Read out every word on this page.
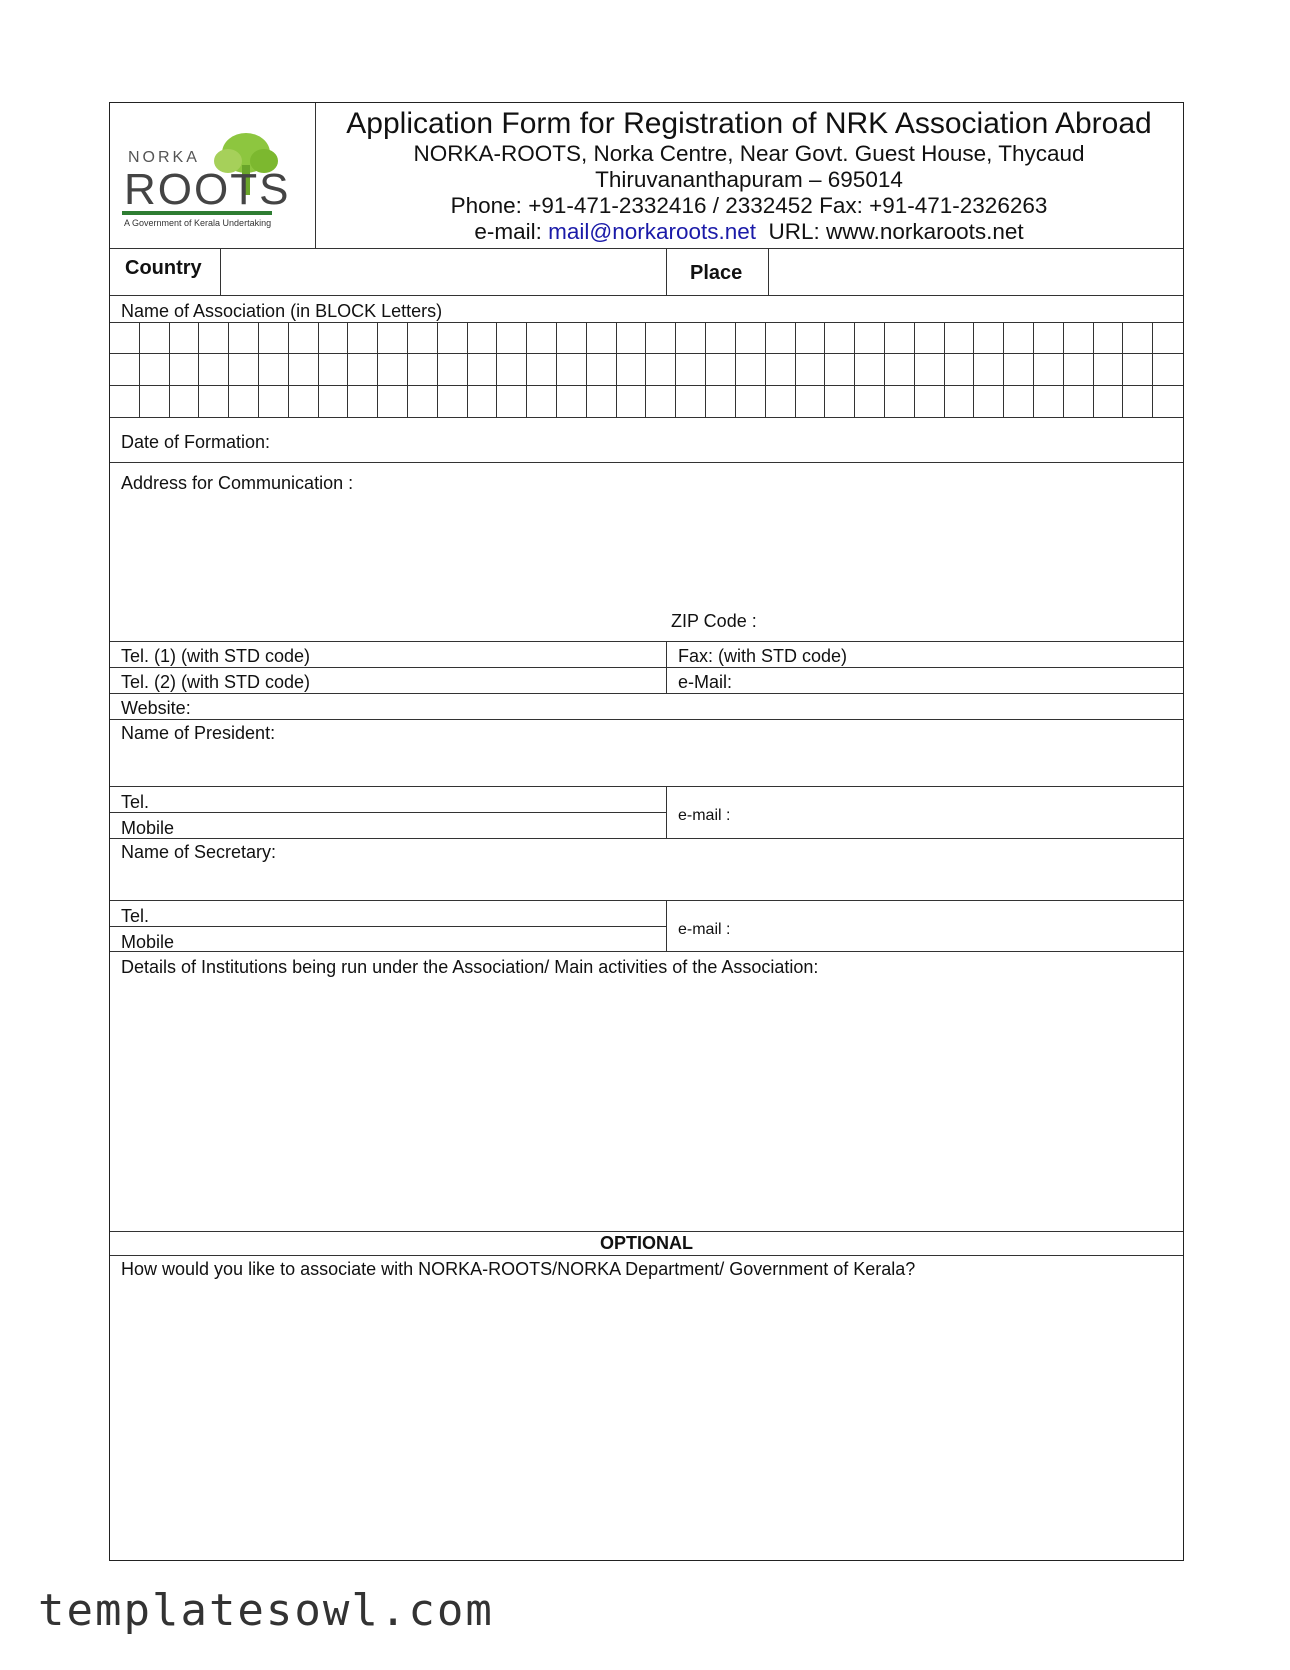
NORKA
ROOTS
A Government of Kerala Undertaking
Application Form for Registration of NRK Association Abroad
NORKA-ROOTS, Norka Centre, Near Govt. Guest House, Thycaud
Thiruvananthapuram – 695014
Phone: +91-471-2332416 / 2332452 Fax: +91-471-2326263
e-mail: mail@norkaroots.net URL: www.norkaroots.net
Country	Place
Name of Association (in BLOCK Letters)
Date of Formation:
Address for Communication :
ZIP Code :
Tel. (1) (with STD code)	Fax: (with STD code)
Tel. (2) (with STD code)	e-Mail:
Website:
Name of President:
Tel.
Mobile
e-mail :
Name of Secretary:
Tel.
Mobile
e-mail :
Details of Institutions being run under the Association/ Main activities of the Association:
OPTIONAL
How would you like to associate with NORKA-ROOTS/NORKA Department/ Government of Kerala?
templatesowl.com
